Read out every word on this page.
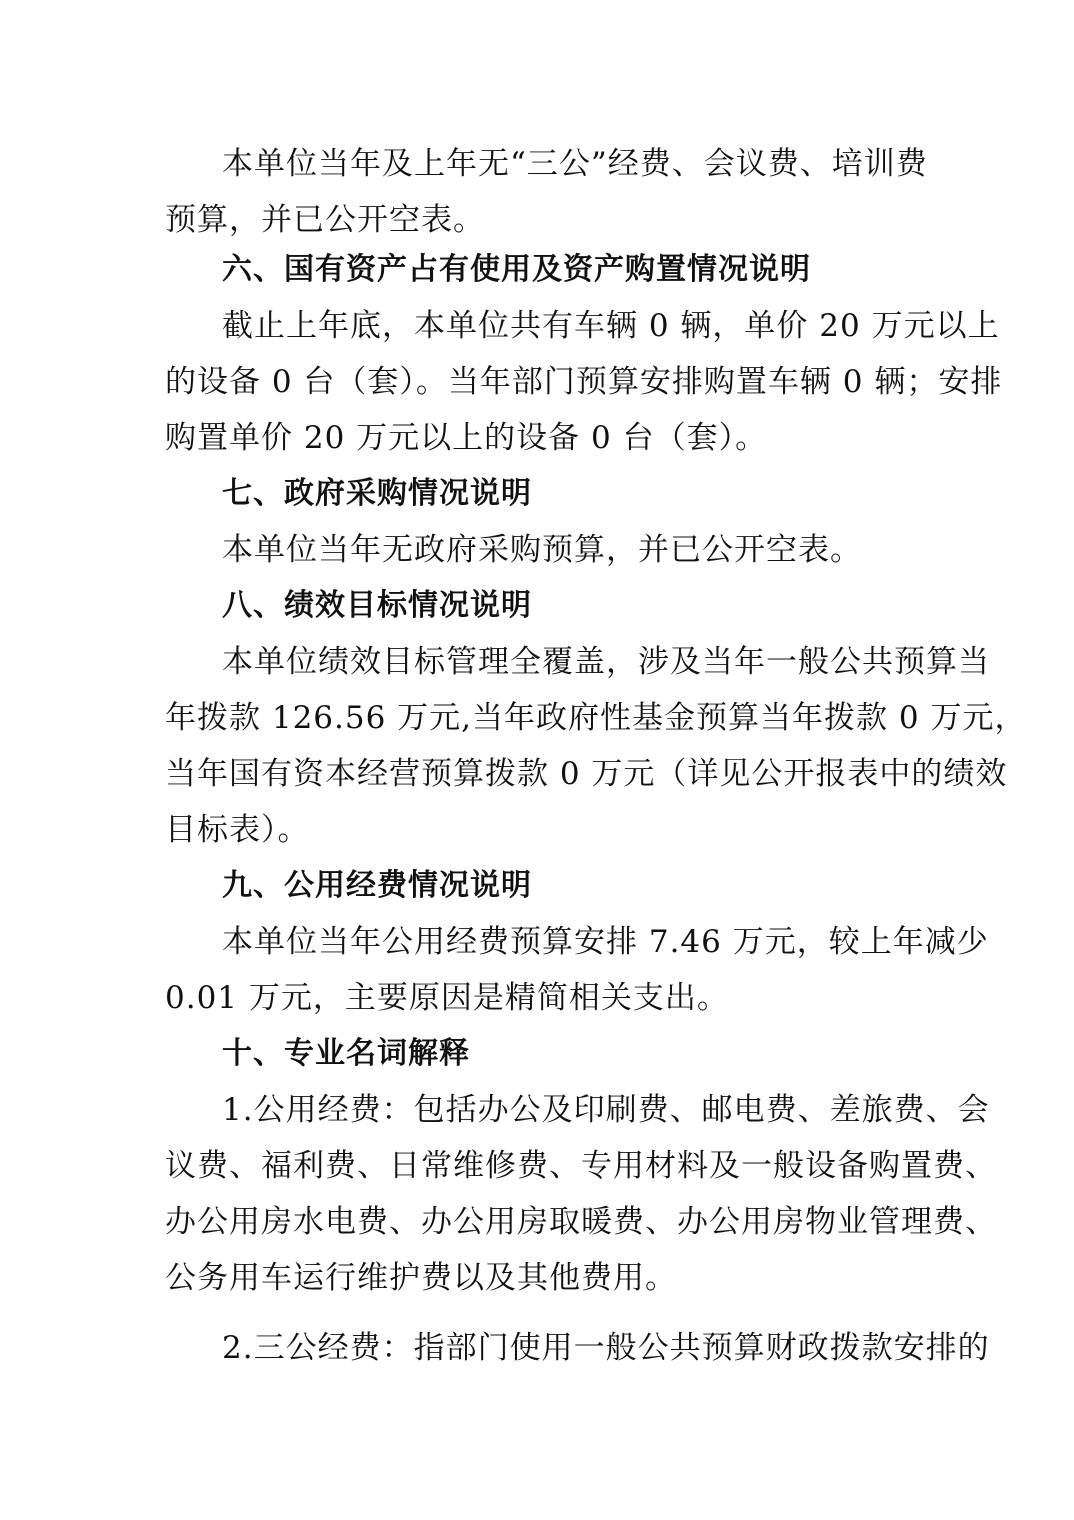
本单位当年及上年无“三公”经费、会议费、培训费
预算，并已公开空表。
六、国有资产占有使用及资产购置情况说明
截止上年底，本单位共有车辆 0 辆，单价 20 万元以上
的设备 0 台（套）。当年部门预算安排购置车辆 0 辆；安排
购置单价 20 万元以上的设备 0 台（套）。
七、政府采购情况说明
本单位当年无政府采购预算，并已公开空表。
八、绩效目标情况说明
本单位绩效目标管理全覆盖，涉及当年一般公共预算当
年拨款 126.56 万元,当年政府性基金预算当年拨款 0 万元，
当年国有资本经营预算拨款 0 万元（详见公开报表中的绩效
目标表）。
九、公用经费情况说明
本单位当年公用经费预算安排 7.46 万元，较上年减少
0.01 万元，主要原因是精简相关支出。
十、专业名词解释
1.公用经费：包括办公及印刷费、邮电费、差旅费、会
议费、福利费、日常维修费、专用材料及一般设备购置费、
办公用房水电费、办公用房取暖费、办公用房物业管理费、
公务用车运行维护费以及其他费用。
2.三公经费：指部门使用一般公共预算财政拨款安排的
